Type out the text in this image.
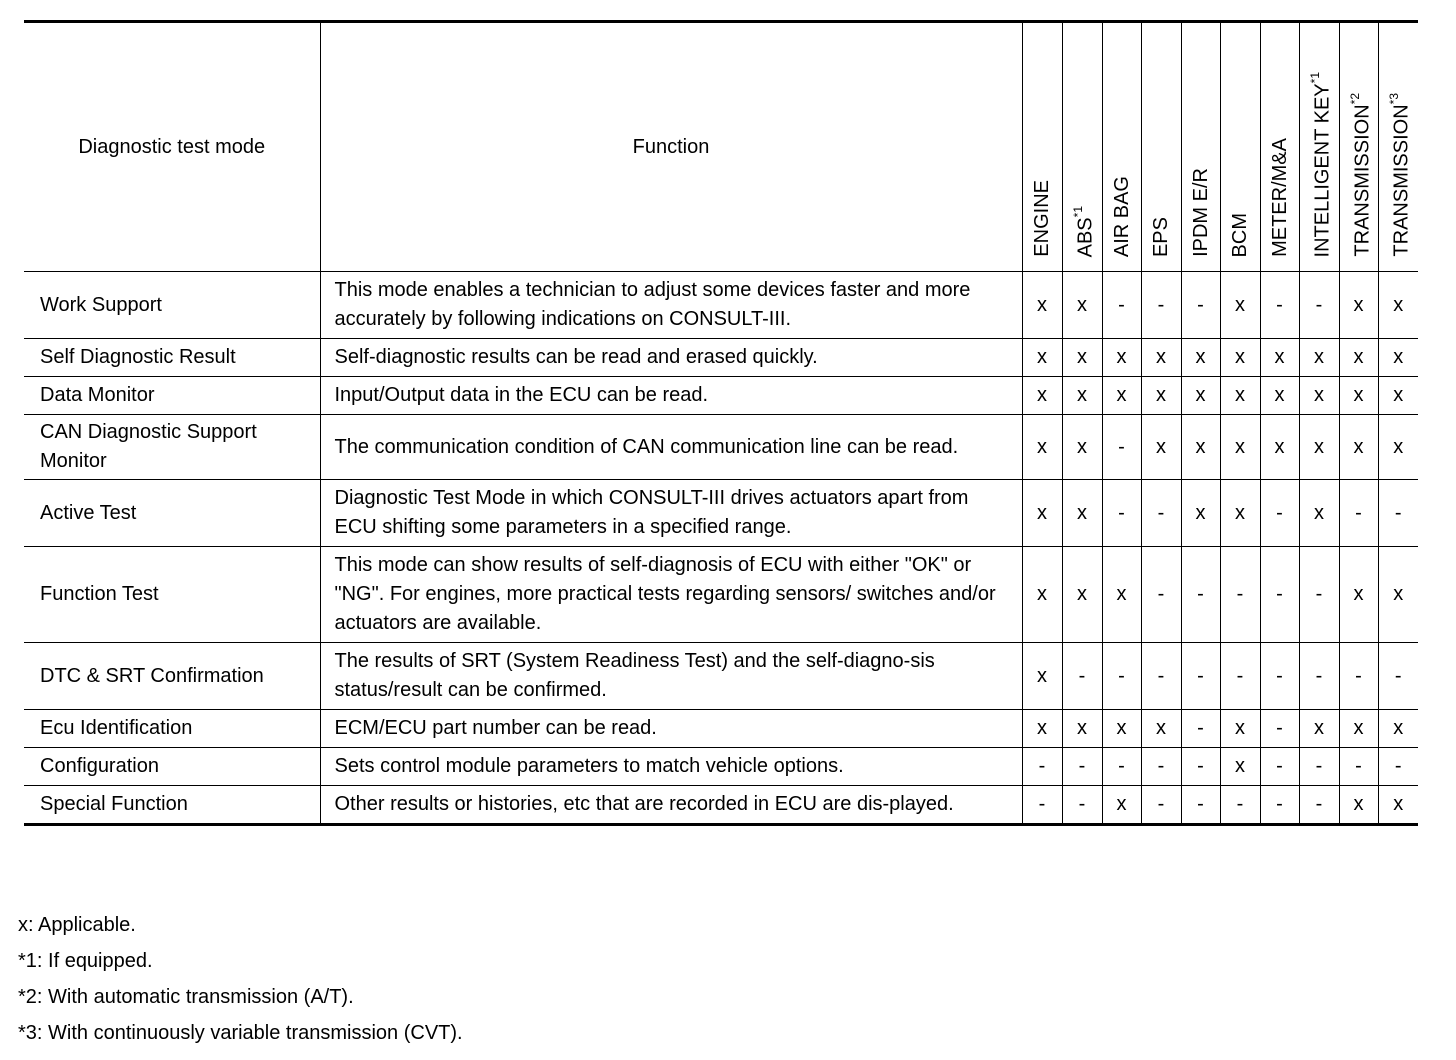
Diagnostic test mode	Function	ENGINE	ABS$^{*1}$	AIR BAG	EPS	IPDM E/R	BCM	METER/M&A	INTELLIGENT KEY$^{*1}$	TRANSMISSION$^{*2}$	TRANSMISSION$^{*3}$

Work Support	This mode enables a technician to adjust some devices faster and more accurately by following indications on CONSULT-III.	x	x	-	-	-	x	-	-	x	x
Self Diagnostic Result	Self-diagnostic results can be read and erased quickly.	x	x	x	x	x	x	x	x	x	x
Data Monitor	Input/Output data in the ECU can be read.	x	x	x	x	x	x	x	x	x	x
CAN Diagnostic Support Monitor	The communication condition of CAN communication line can be read.	x	x	-	x	x	x	x	x	x	x
Active Test	Diagnostic Test Mode in which CONSULT-III drives actuators apart from ECU shifting some parameters in a specified range.	x	x	-	-	x	x	-	x	-	-
Function Test	This mode can show results of self-diagnosis of ECU with either "OK" or "NG". For engines, more practical tests regarding sensors/ switches and/or actuators are available.	x	x	x	-	-	-	-	-	x	x
DTC & SRT Confirmation	The results of SRT (System Readiness Test) and the self-diagno-sis status/result can be confirmed.	x	-	-	-	-	-	-	-	-	-
Ecu Identification	ECM/ECU part number can be read.	x	x	x	x	-	x	-	x	x	x
Configuration	Sets control module parameters to match vehicle options.	-	-	-	-	-	x	-	-	-	-
Special Function	Other results or histories, etc that are recorded in ECU are dis-played.	-	-	x	-	-	-	-	-	x	x
x: Applicable.
*1: If equipped.
*2: With automatic transmission (A/T).
*3: With continuously variable transmission (CVT).
